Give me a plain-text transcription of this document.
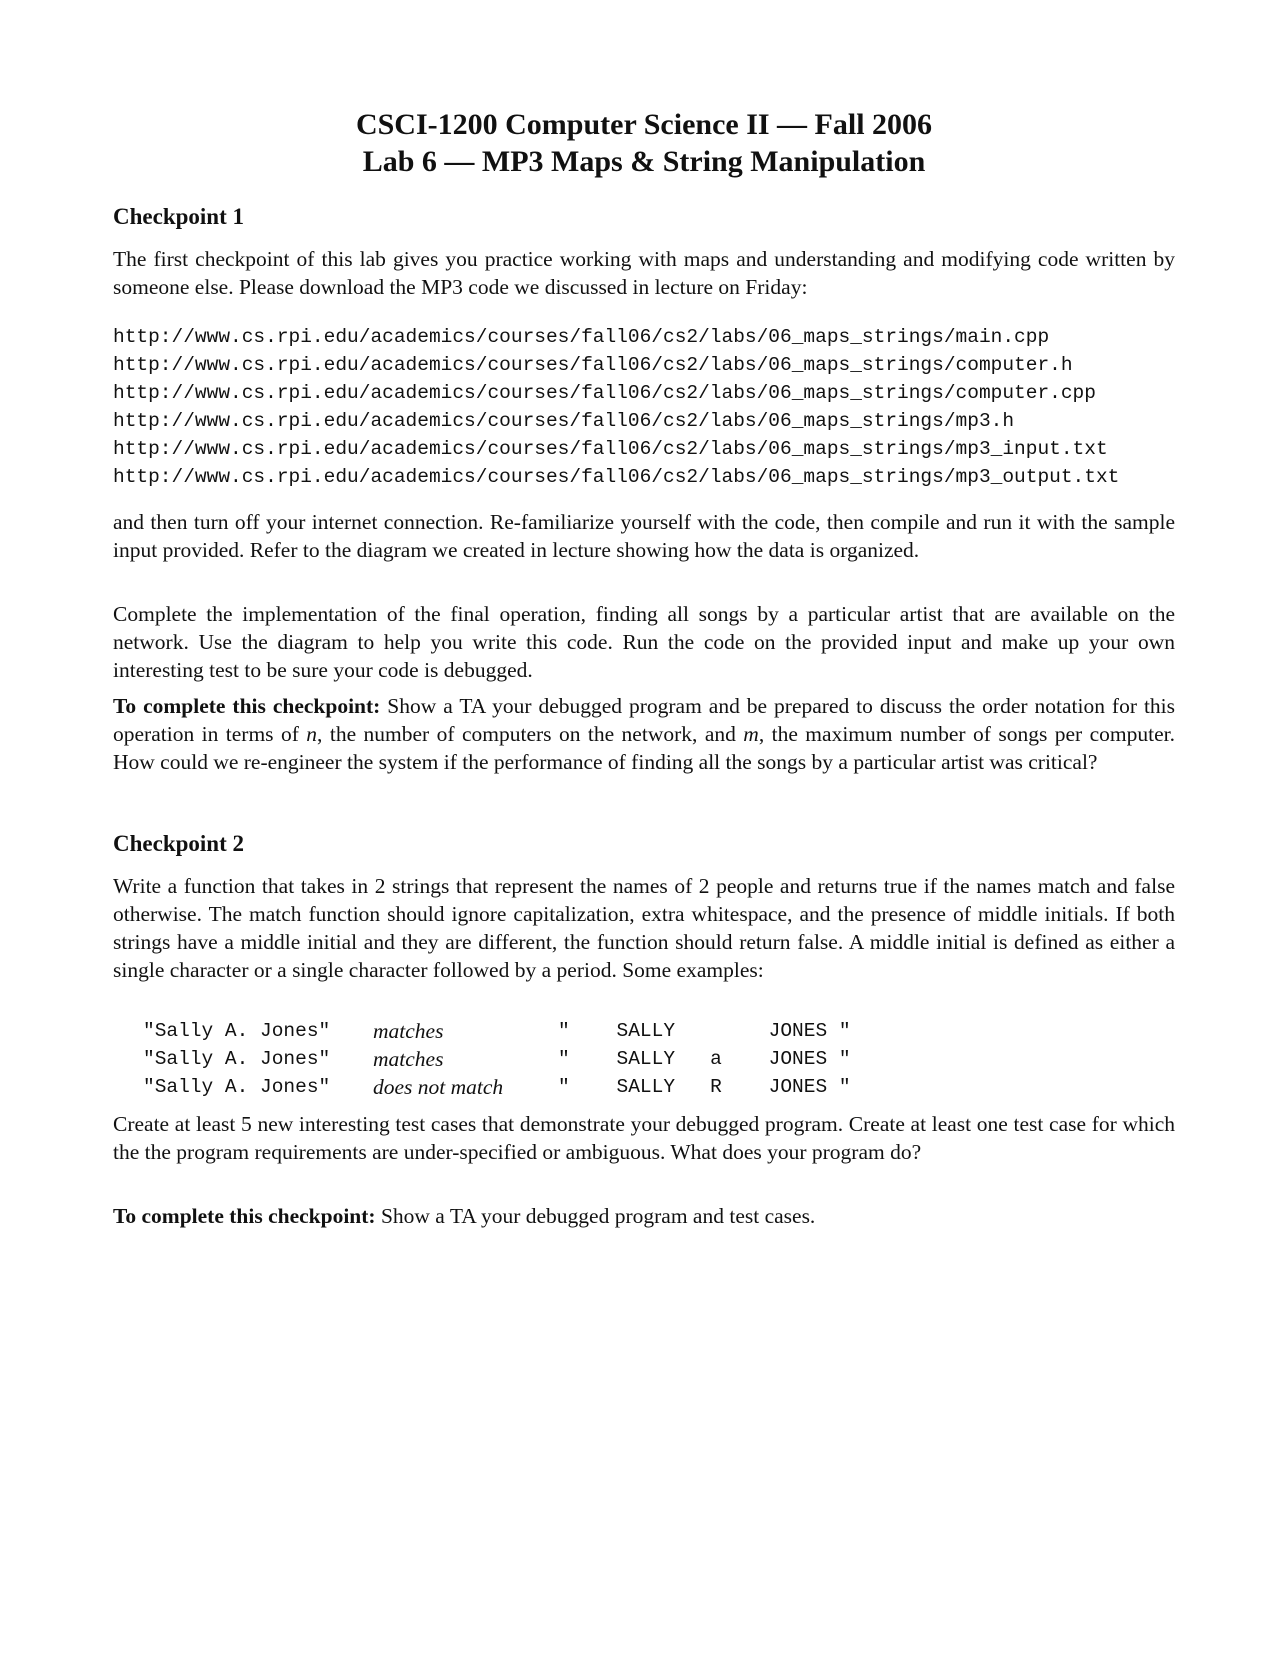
CSCI-1200 Computer Science II — Fall 2006
Lab 6 — MP3 Maps & String Manipulation
Checkpoint 1
The first checkpoint of this lab gives you practice working with maps and understanding and modifying code written by someone else. Please download the MP3 code we discussed in lecture on Friday:
http://www.cs.rpi.edu/academics/courses/fall06/cs2/labs/06_maps_strings/main.cpp
http://www.cs.rpi.edu/academics/courses/fall06/cs2/labs/06_maps_strings/computer.h
http://www.cs.rpi.edu/academics/courses/fall06/cs2/labs/06_maps_strings/computer.cpp
http://www.cs.rpi.edu/academics/courses/fall06/cs2/labs/06_maps_strings/mp3.h
http://www.cs.rpi.edu/academics/courses/fall06/cs2/labs/06_maps_strings/mp3_input.txt
http://www.cs.rpi.edu/academics/courses/fall06/cs2/labs/06_maps_strings/mp3_output.txt
and then turn off your internet connection. Re-familiarize yourself with the code, then compile and run it with the sample input provided. Refer to the diagram we created in lecture showing how the data is organized.
Complete the implementation of the final operation, finding all songs by a particular artist that are available on the network. Use the diagram to help you write this code. Run the code on the provided input and make up your own interesting test to be sure your code is debugged.
To complete this checkpoint: Show a TA your debugged program and be prepared to discuss the order notation for this operation in terms of n, the number of computers on the network, and m, the maximum number of songs per computer. How could we re-engineer the system if the performance of finding all the songs by a particular artist was critical?
Checkpoint 2
Write a function that takes in 2 strings that represent the names of 2 people and returns true if the names match and false otherwise. The match function should ignore capitalization, extra whitespace, and the presence of middle initials. If both strings have a middle initial and they are different, the function should return false. A middle initial is defined as either a single character or a single character followed by a period. Some examples:
"Sally A. Jones" matches	"    SALLY        JONES "
"Sally A. Jones" matches	"    SALLY   a    JONES "
"Sally A. Jones" does not match	"    SALLY   R    JONES "
Create at least 5 new interesting test cases that demonstrate your debugged program. Create at least one test case for which the the program requirements are under-specified or ambiguous. What does your program do?
To complete this checkpoint: Show a TA your debugged program and test cases.
